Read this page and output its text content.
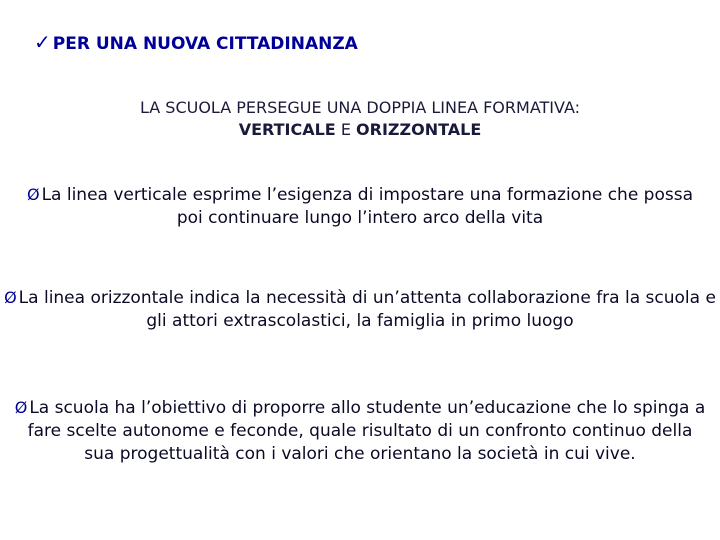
✓ PER UNA NUOVA CITTADINANZA
LA SCUOLA PERSEGUE UNA DOPPIA LINEA FORMATIVA:
VERTICALE E ORIZZONTALE
Ø La linea verticale esprime l’esigenza di impostare una formazione che possa poi continuare lungo l’intero arco della vita
Ø La linea orizzontale indica la necessità di un’attenta collaborazione fra la scuola e gli attori extrascolastici, la famiglia in primo luogo
Ø La scuola ha l’obiettivo di proporre allo studente un’educazione che lo spinga a fare scelte autonome e feconde, quale risultato di un confronto continuo della sua progettualità con i valori che orientano la società in cui vive.
